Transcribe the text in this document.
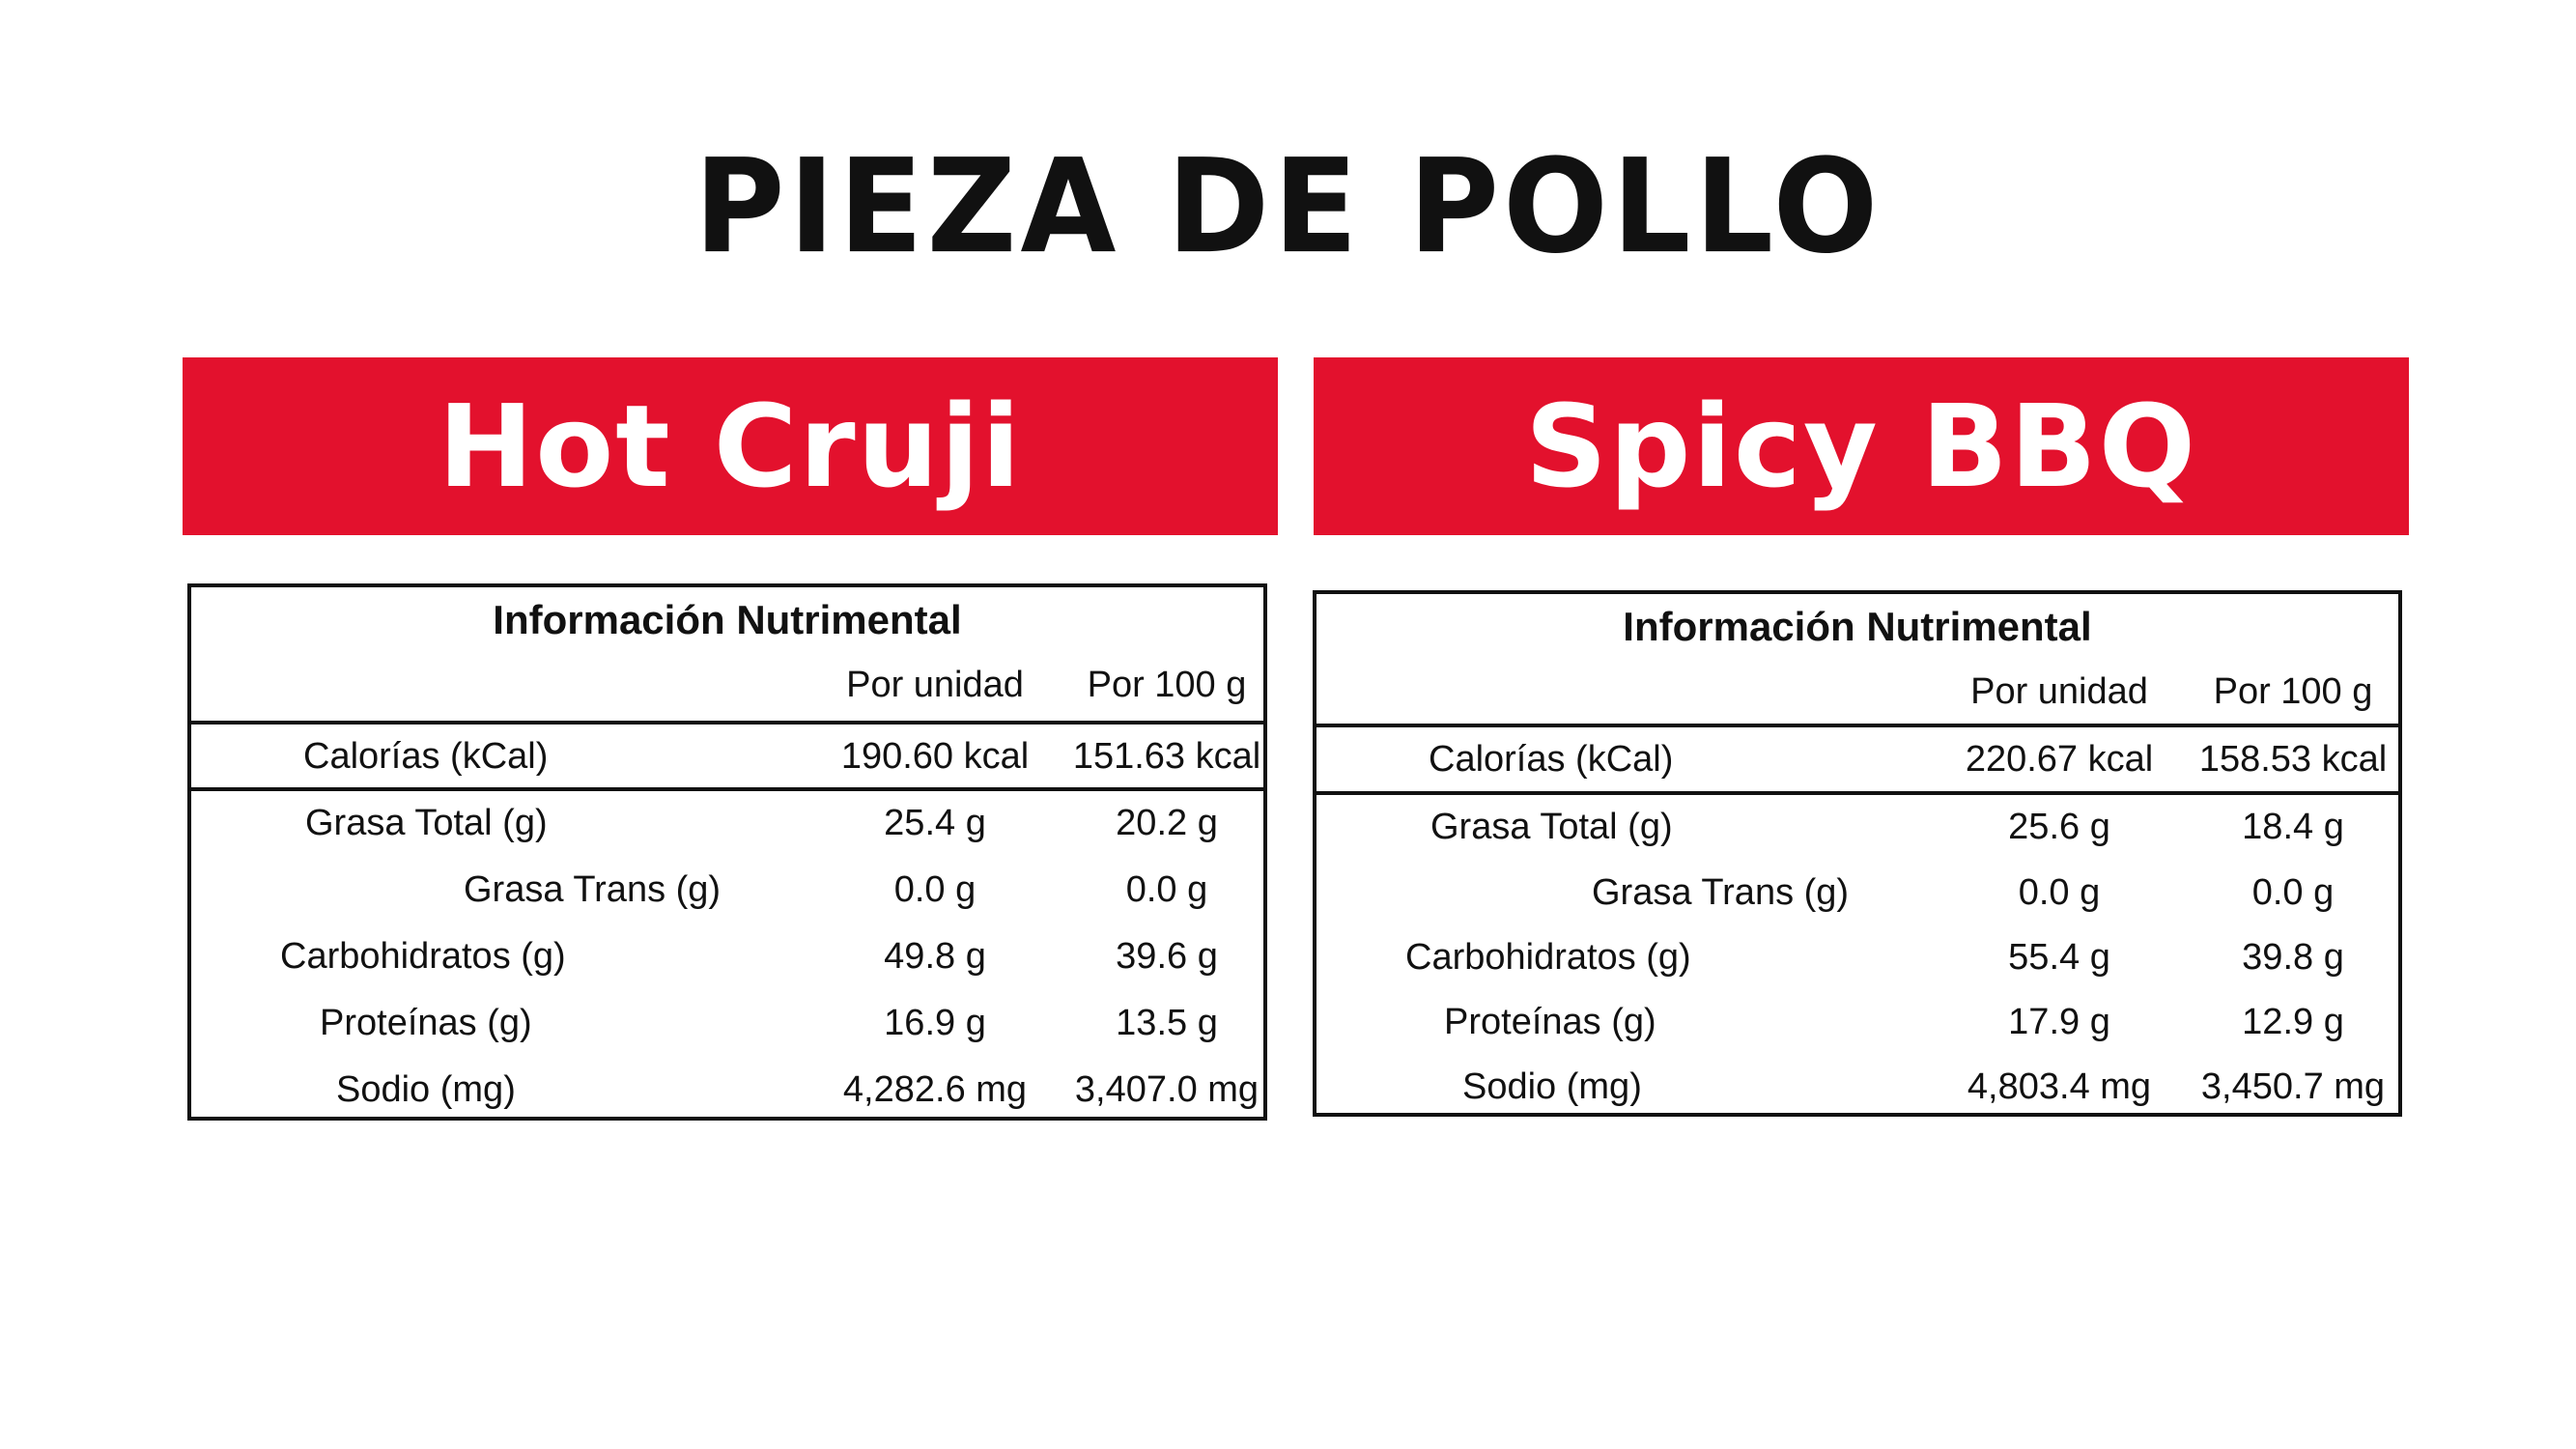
PIEZA DE POLLO
Hot Cruji	Spicy BBQ
Información Nutrimental
Por unidad	Por 100 g
Calorías (kCal)	190.60 kcal	151.63 kcal
Grasa Total (g)	25.4 g	20.2 g
Grasa Trans (g)	0.0 g	0.0 g
Carbohidratos (g)	49.8 g	39.6 g
Proteínas (g)	16.9 g	13.5 g
Sodio (mg)	4,282.6 mg	3,407.0 mg
Información Nutrimental
Por unidad	Por 100 g
Calorías (kCal)	220.67 kcal	158.53 kcal
Grasa Total (g)	25.6 g	18.4 g
Grasa Trans (g)	0.0 g	0.0 g
Carbohidratos (g)	55.4 g	39.8 g
Proteínas (g)	17.9 g	12.9 g
Sodio (mg)	4,803.4 mg	3,450.7 mg
